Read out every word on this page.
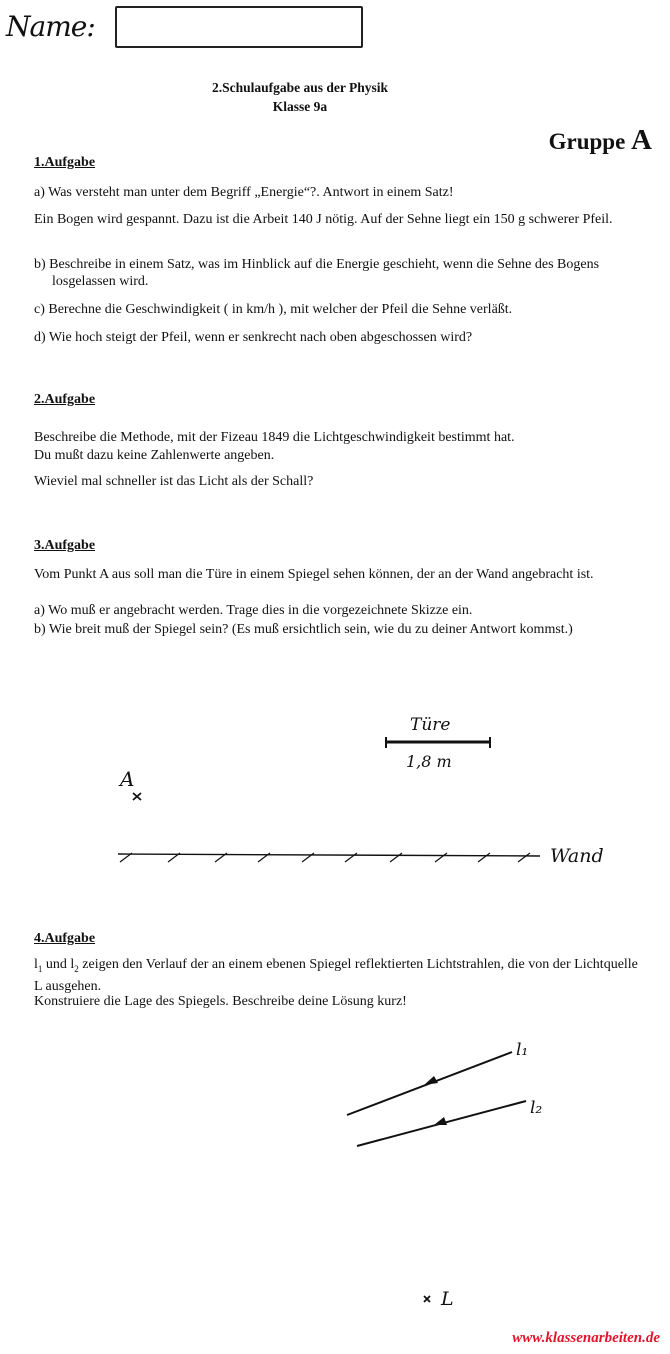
Name:
2.Schulaufgabe aus der Physik
Klasse 9a
Gruppe A
1.Aufgabe
a) Was versteht man unter dem Begriff „Energie“?. Antwort in einem Satz!
Ein Bogen wird gespannt. Dazu ist die Arbeit 140 J nötig. Auf der Sehne liegt ein 150 g schwerer Pfeil.
b) Beschreibe in einem Satz, was im Hinblick auf die Energie geschieht, wenn die Sehne des Bogens losgelassen wird.
c) Berechne die Geschwindigkeit ( in km/h ), mit welcher der Pfeil die Sehne verläßt.
d) Wie hoch steigt der Pfeil, wenn er senkrecht nach oben abgeschossen wird?
2.Aufgabe
Beschreibe die Methode, mit der Fizeau 1849 die Lichtgeschwindigkeit bestimmt hat.
Du mußt dazu keine Zahlenwerte angeben.
Wieviel mal schneller ist das Licht als der Schall?
3.Aufgabe
Vom Punkt A aus soll man die Türe in einem Spiegel sehen können, der an der Wand angebracht ist.
a) Wo muß er angebracht werden. Trage dies in die vorgezeichnete Skizze ein.
b) Wie breit muß der Spiegel sein? (Es muß ersichtlich sein, wie du zu deiner Antwort kommst.)
4.Aufgabe
$l_1$ und $l_2$ zeigen den Verlauf der an einem ebenen Spiegel reflektierten Lichtstrahlen, die von der Lichtquelle L ausgehen.
Konstruiere die Lage des Spiegels. Beschreibe deine Lösung kurz!
Türe
1,8 m
A
Wand
l₁
l₂
L
www.klassenarbeiten.de
